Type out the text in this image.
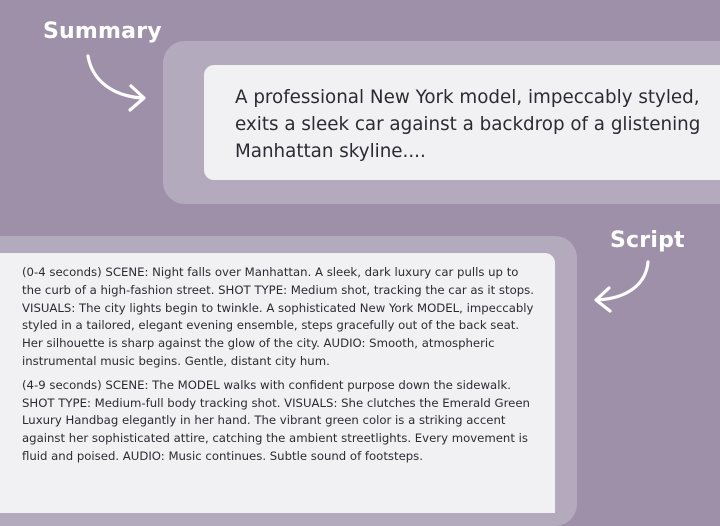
Summary
A professional New York model, impeccably styled, exits a sleek car against a backdrop of a glistening Manhattan skyline....
Script

(0-4 seconds) SCENE: Night falls over Manhattan. A sleek, dark luxury car pulls up to the curb of a high-fashion street. SHOT TYPE: Medium shot, tracking the car as it stops. VISUALS: The city lights begin to twinkle. A sophisticated New York MODEL, impeccably styled in a tailored, elegant evening ensemble, steps gracefully out of the back seat. Her silhouette is sharp against the glow of the city. AUDIO: Smooth, atmospheric instrumental music begins. Gentle, distant city hum.

(4-9 seconds) SCENE: The MODEL walks with confident purpose down the sidewalk. SHOT TYPE: Medium-full body tracking shot. VISUALS: She clutches the Emerald Green Luxury Handbag elegantly in her hand. The vibrant green color is a striking accent against her sophisticated attire, catching the ambient streetlights. Every movement is fluid and poised. AUDIO: Music continues. Subtle sound of footsteps.
